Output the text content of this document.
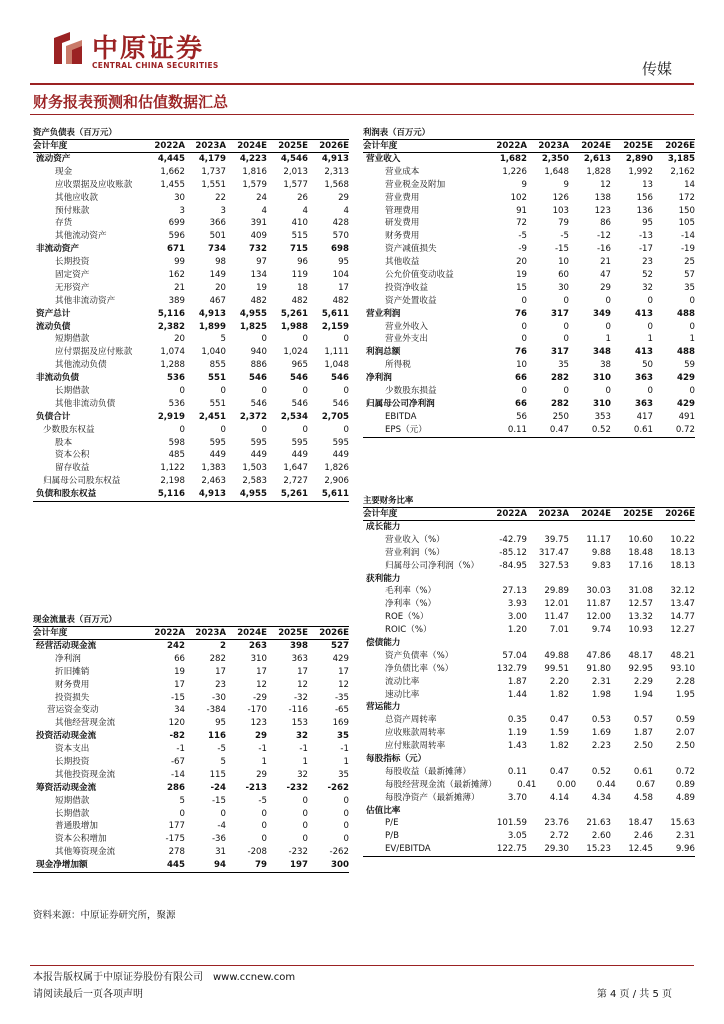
中原证券
CENTRAL CHINA SECURITIES	传媒
财务报表预测和估值数据汇总
资产负债表（百万元）
会计年度	2022A	2023A	2024E	2025E	2026E
流动资产	4,445	4,179	4,223	4,546	4,913
现金	1,662	1,737	1,816	2,013	2,313
应收票据及应收账款	1,455	1,551	1,579	1,577	1,568
其他应收款	30	22	24	26	29
预付账款	3	3	4	4	4
存货	699	366	391	410	428
其他流动资产	596	501	409	515	570
非流动资产	671	734	732	715	698
长期投资	99	98	97	96	95
固定资产	162	149	134	119	104
无形资产	21	20	19	18	17
其他非流动资产	389	467	482	482	482
资产总计	5,116	4,913	4,955	5,261	5,611
流动负债	2,382	1,899	1,825	1,988	2,159
短期借款	20	5	0	0	0
应付票据及应付账款	1,074	1,040	940	1,024	1,111
其他流动负债	1,288	855	886	965	1,048
非流动负债	536	551	546	546	546
长期借款	0	0	0	0	0
其他非流动负债	536	551	546	546	546
负债合计	2,919	2,451	2,372	2,534	2,705
少数股东权益	0	0	0	0	0
股本	598	595	595	595	595
资本公积	485	449	449	449	449
留存收益	1,122	1,383	1,503	1,647	1,826
归属母公司股东权益	2,198	2,463	2,583	2,727	2,906
负债和股东权益	5,116	4,913	4,955	5,261	5,611
现金流量表（百万元）
会计年度	2022A	2023A	2024E	2025E	2026E
经营活动现金流	242	2	263	398	527
净利润	66	282	310	363	429
折旧摊销	19	17	17	17	17
财务费用	17	23	12	12	12
投资损失	-15	-30	-29	-32	-35
营运资金变动	34	-384	-170	-116	-65
其他经营现金流	120	95	123	153	169
投资活动现金流	-82	116	29	32	35
资本支出	-1	-5	-1	-1	-1
长期投资	-67	5	1	1	1
其他投资现金流	-14	115	29	32	35
筹资活动现金流	286	-24	-213	-232	-262
短期借款	5	-15	-5	0	0
长期借款	0	0	0	0	0
普通股增加	177	-4	0	0	0
资本公积增加	-175	-36	0	0	0
其他筹资现金流	278	31	-208	-232	-262
现金净增加额	445	94	79	197	300
利润表（百万元）
会计年度	2022A	2023A	2024E	2025E	2026E
营业收入	1,682	2,350	2,613	2,890	3,185
营业成本	1,226	1,648	1,828	1,992	2,162
营业税金及附加	9	9	12	13	14
营业费用	102	126	138	156	172
管理费用	91	103	123	136	150
研发费用	72	79	86	95	105
财务费用	-5	-5	-12	-13	-14
资产减值损失	-9	-15	-16	-17	-19
其他收益	20	10	21	23	25
公允价值变动收益	19	60	47	52	57
投资净收益	15	30	29	32	35
资产处置收益	0	0	0	0	0
营业利润	76	317	349	413	488
营业外收入	0	0	0	0	0
营业外支出	0	0	1	1	1
利润总额	76	317	348	413	488
所得税	10	35	38	50	59
净利润	66	282	310	363	429
少数股东损益	0	0	0	0	0
归属母公司净利润	66	282	310	363	429
EBITDA	56	250	353	417	491
EPS（元）	0.11	0.47	0.52	0.61	0.72
主要财务比率
会计年度	2022A	2023A	2024E	2025E	2026E
成长能力
营业收入（%）	-42.79	39.75	11.17	10.60	10.22
营业利润（%）	-85.12	317.47	9.88	18.48	18.13
归属母公司净利润（%）	-84.95	327.53	9.83	17.16	18.13
获利能力
毛利率（%）	27.13	29.89	30.03	31.08	32.12
净利率（%）	3.93	12.01	11.87	12.57	13.47
ROE（%）	3.00	11.47	12.00	13.32	14.77
ROIC（%）	1.20	7.01	9.74	10.93	12.27
偿债能力
资产负债率（%）	57.04	49.88	47.86	48.17	48.21
净负债比率（%）	132.79	99.51	91.80	92.95	93.10
流动比率	1.87	2.20	2.31	2.29	2.28
速动比率	1.44	1.82	1.98	1.94	1.95
营运能力
总资产周转率	0.35	0.47	0.53	0.57	0.59
应收账款周转率	1.19	1.59	1.69	1.87	2.07
应付账款周转率	1.43	1.82	2.23	2.50	2.50
每股指标（元）
每股收益（最新摊薄）	0.11	0.47	0.52	0.61	0.72
每股经营现金流（最新摊薄）	0.41	0.00	0.44	0.67	0.89
每股净资产（最新摊薄）	3.70	4.14	4.34	4.58	4.89
估值比率
P/E	101.59	23.76	21.63	18.47	15.63
P/B	3.05	2.72	2.60	2.46	2.31
EV/EBITDA	122.75	29.30	15.23	12.45	9.96
资料来源：中原证券研究所，聚源
本报告版权属于中原证券股份有限公司　www.ccnew.com
请阅读最后一页各项声明	第 4 页 / 共 5 页
